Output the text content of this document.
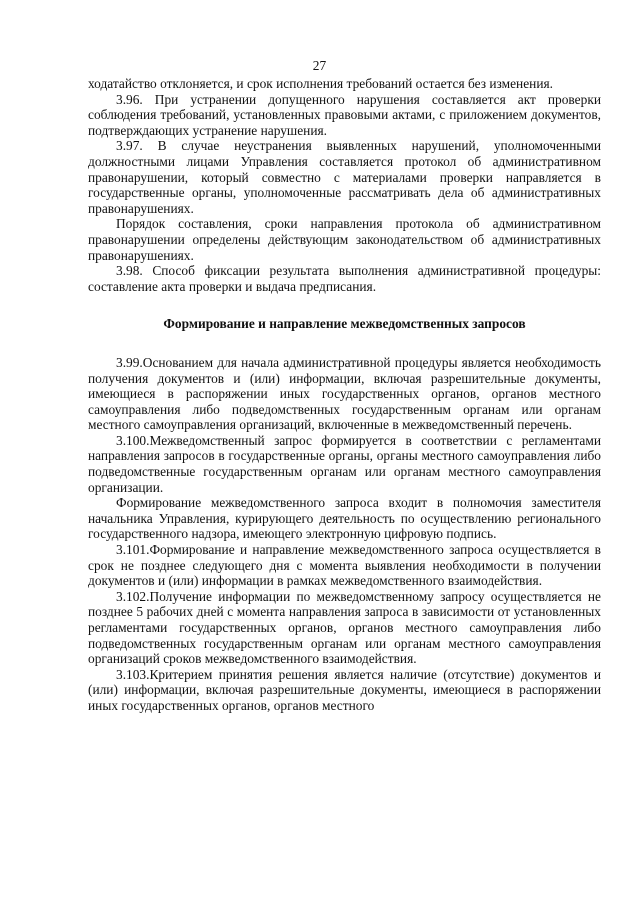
27

ходатайство отклоняется, и срок исполнения требований остается без изменения.

3.96. При устранении допущенного нарушения составляется акт проверки соблюдения требований, установленных правовыми актами, с приложением документов, подтверждающих устранение нарушения.

3.97. В случае неустранения выявленных нарушений, уполномоченными должностными лицами Управления составляется протокол об административном правонарушении, который совместно с материалами проверки направляется в государственные органы, уполномоченные рассматривать дела об административных правонарушениях.

Порядок составления, сроки направления протокола об административном правонарушении определены действующим законодательством об административных правонарушениях.

3.98. Способ фиксации результата выполнения административной процедуры: составление акта проверки и выдача предписания.

Формирование и направление межведомственных запросов

3.99.Основанием для начала административной процедуры является необходимость получения документов и (или) информации, включая разрешительные документы, имеющиеся в распоряжении иных государственных органов, органов местного самоуправления либо подведомственных государственным органам или органам местного самоуправления организаций, включенные в межведомственный перечень.

3.100.Межведомственный запрос формируется в соответствии с регламентами направления запросов в государственные органы, органы местного самоуправления либо подведомственные государственным органам или органам местного самоуправления организации.

Формирование межведомственного запроса входит в полномочия заместителя начальника Управления, курирующего деятельность по осуществлению регионального государственного надзора, имеющего электронную цифровую подпись.

3.101.Формирование и направление межведомственного запроса осуществляется в срок не позднее следующего дня с момента выявления необходимости в получении документов и (или) информации в рамках межведомственного взаимодействия.

3.102.Получение информации по межведомственному запросу осуществляется не позднее 5 рабочих дней с момента направления запроса в зависимости от установленных регламентами государственных органов, органов местного самоуправления либо подведомственных государственным органам или органам местного самоуправления организаций сроков межведомственного взаимодействия.

3.103.Критерием принятия решения является наличие (отсутствие) документов и (или) информации, включая разрешительные документы, имеющиеся в распоряжении иных государственных органов, органов местного
